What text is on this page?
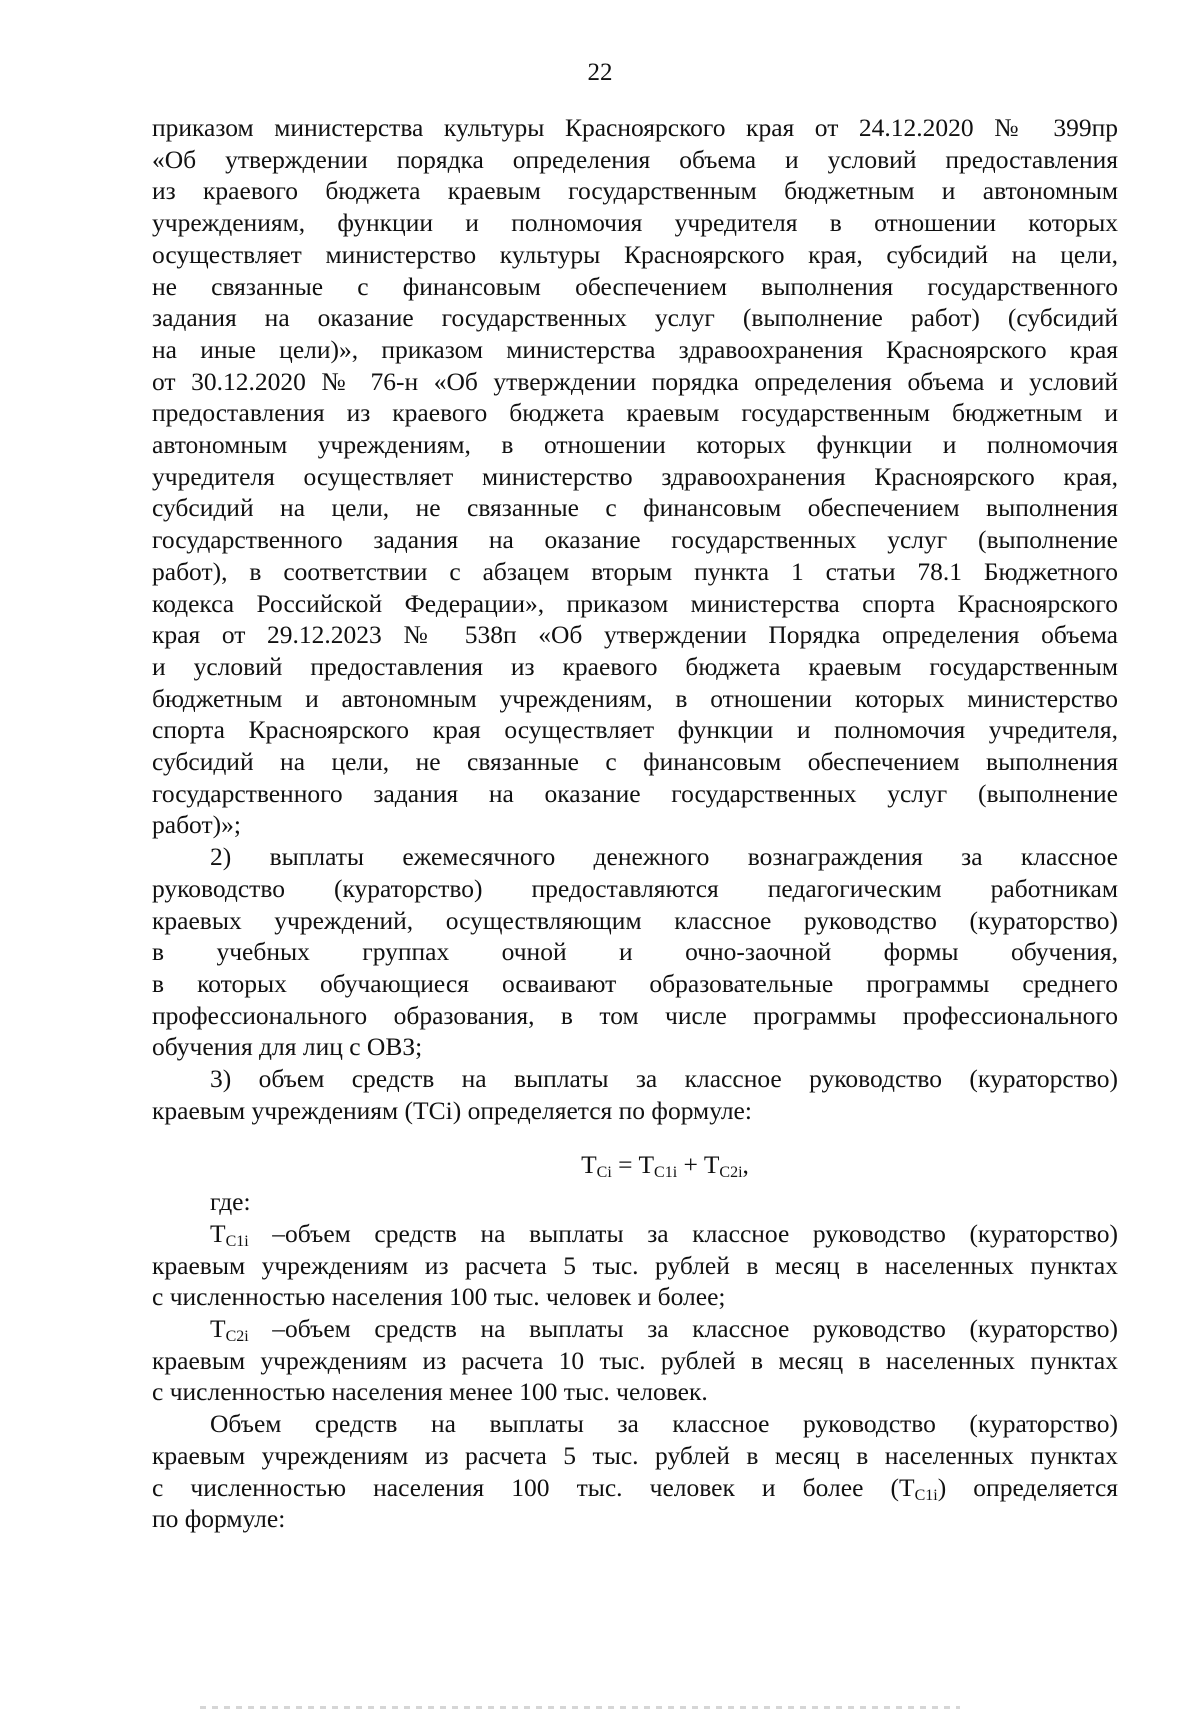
22
приказом министерства культуры Красноярского края от 24.12.2020 № 399пр
«Об утверждении порядка определения объема и условий предоставления
из краевого бюджета краевым государственным бюджетным и автономным
учреждениям, функции и полномочия учредителя в отношении которых
осуществляет министерство культуры Красноярского края, субсидий на цели,
не связанные с финансовым обеспечением выполнения государственного
задания на оказание государственных услуг (выполнение работ) (субсидий
на иные цели)», приказом министерства здравоохранения Красноярского края
от 30.12.2020 № 76-н «Об утверждении порядка определения объема и условий
предоставления из краевого бюджета краевым государственным бюджетным и
автономным учреждениям, в отношении которых функции и полномочия
учредителя осуществляет министерство здравоохранения Красноярского края,
субсидий на цели, не связанные с финансовым обеспечением выполнения
государственного задания на оказание государственных услуг (выполнение
работ), в соответствии с абзацем вторым пункта 1 статьи 78.1 Бюджетного
кодекса Российской Федерации», приказом министерства спорта Красноярского
края от 29.12.2023 № 538п «Об утверждении Порядка определения объема
и условий предоставления из краевого бюджета краевым государственным
бюджетным и автономным учреждениям, в отношении которых министерство
спорта Красноярского края осуществляет функции и полномочия учредителя,
субсидий на цели, не связанные с финансовым обеспечением выполнения
государственного задания на оказание государственных услуг (выполнение
работ)»;
2) выплаты ежемесячного денежного вознаграждения за классное
руководство (кураторство) предоставляются педагогическим работникам
краевых учреждений, осуществляющим классное руководство (кураторство)
в учебных группах очной и очно-заочной формы обучения,
в которых обучающиеся осваивают образовательные программы среднего
профессионального образования, в том числе программы профессионального
обучения для лиц с ОВЗ;
3) объем средств на выплаты за классное руководство (кураторство)
краевым учреждениям (TCi) определяется по формуле:
$T_{Ci} = T_{C1i} + T_{C2i}$,
где:
$T_{C1i}$ –объем средств на выплаты за классное руководство (кураторство)
краевым учреждениям из расчета 5 тыс. рублей в месяц в населенных пунктах
с численностью населения 100 тыс. человек и более;
$T_{C2i}$ –объем средств на выплаты за классное руководство (кураторство)
краевым учреждениям из расчета 10 тыс. рублей в месяц в населенных пунктах
с численностью населения менее 100 тыс. человек.
Объем средств на выплаты за классное руководство (кураторство)
краевым учреждениям из расчета 5 тыс. рублей в месяц в населенных пунктах
с численностью населения 100 тыс. человек и более $(T_{C1i})$ определяется
по формуле:
